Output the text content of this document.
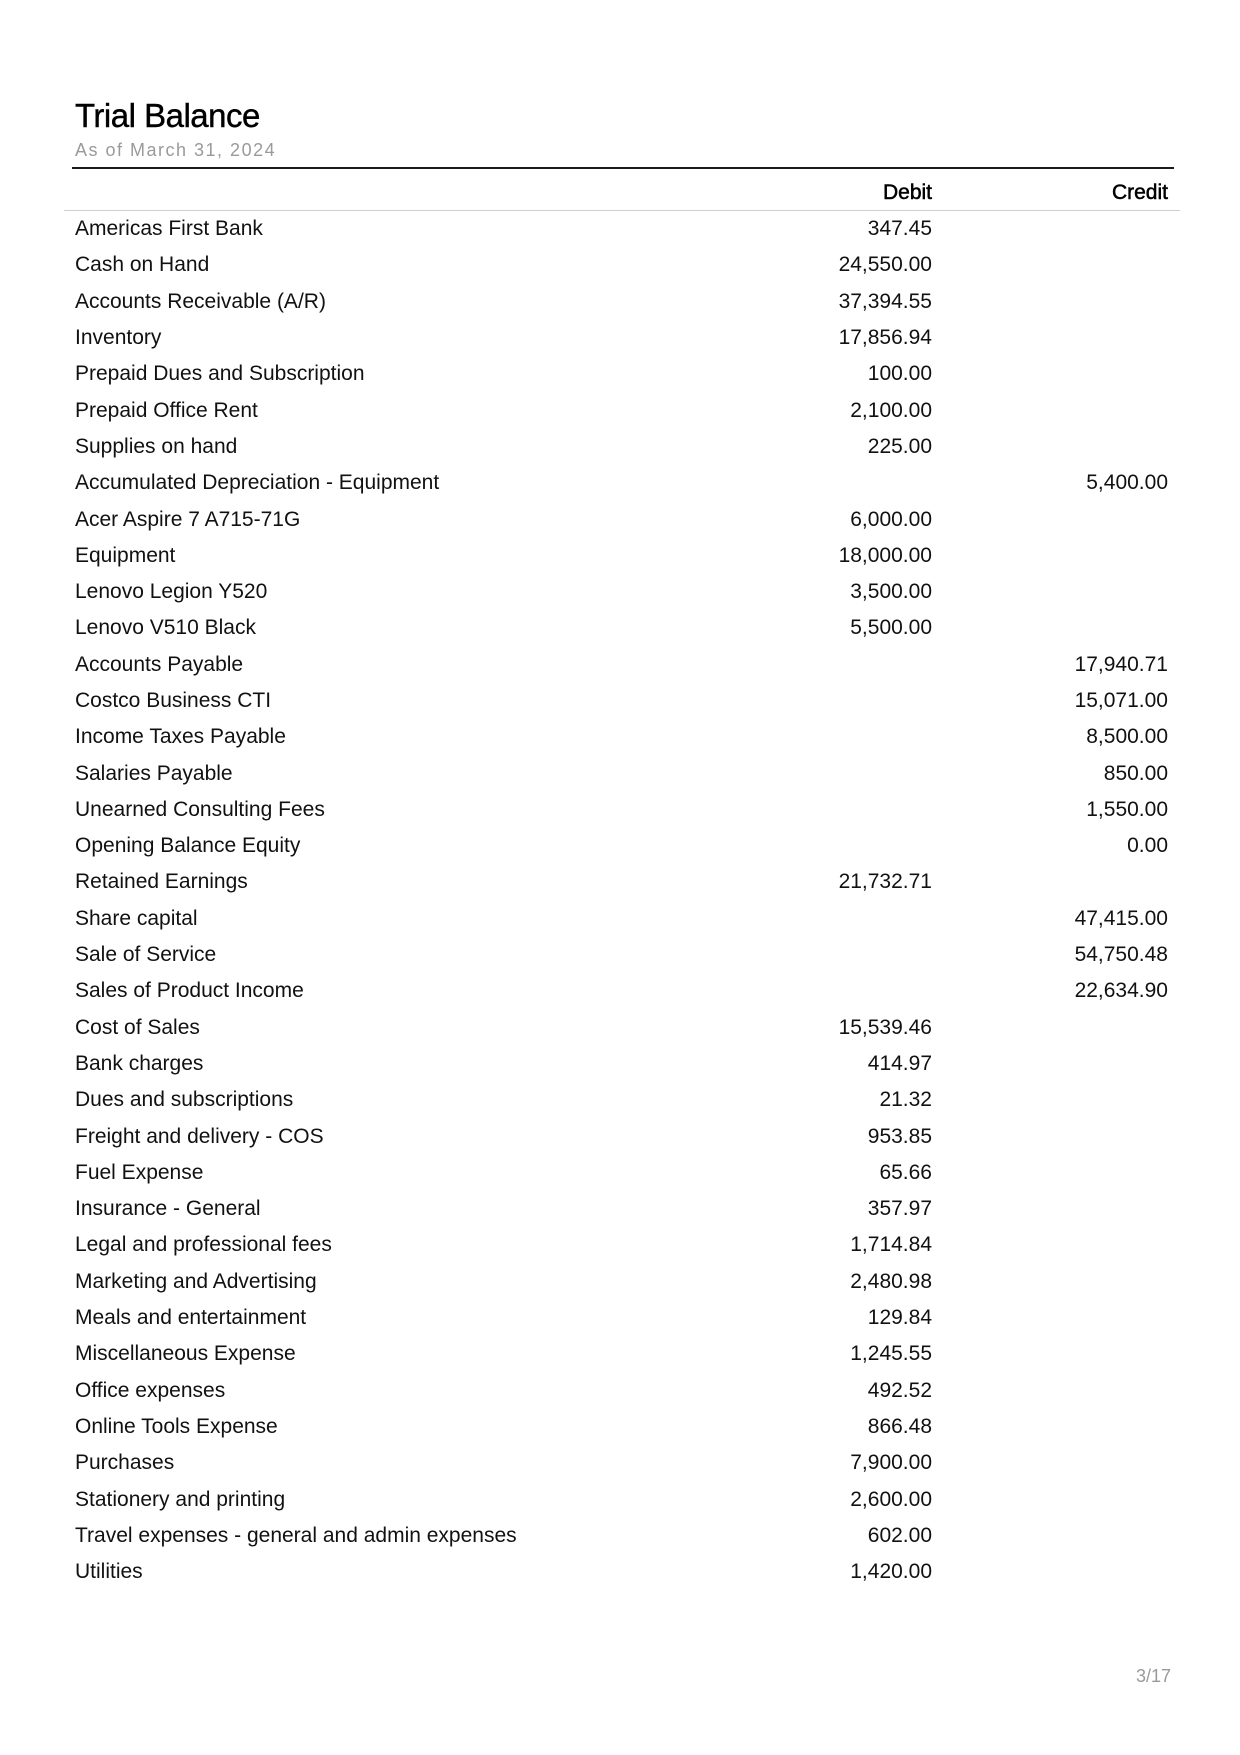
Trial Balance
As of March 31, 2024
	Debit	Credit
Americas First Bank	347.45	
Cash on Hand	24,550.00	
Accounts Receivable (A/R)	37,394.55	
Inventory	17,856.94	
Prepaid Dues and Subscription	100.00	
Prepaid Office Rent	2,100.00	
Supplies on hand	225.00	
Accumulated Depreciation - Equipment		5,400.00
Acer Aspire 7 A715-71G	6,000.00	
Equipment	18,000.00	
Lenovo Legion Y520	3,500.00	
Lenovo V510 Black	5,500.00	
Accounts Payable		17,940.71
Costco Business CTI		15,071.00
Income Taxes Payable		8,500.00
Salaries Payable		850.00
Unearned Consulting Fees		1,550.00
Opening Balance Equity		0.00
Retained Earnings	21,732.71	
Share capital		47,415.00
Sale of Service		54,750.48
Sales of Product Income		22,634.90
Cost of Sales	15,539.46	
Bank charges	414.97	
Dues and subscriptions	21.32	
Freight and delivery - COS	953.85	
Fuel Expense	65.66	
Insurance - General	357.97	
Legal and professional fees	1,714.84	
Marketing and Advertising	2,480.98	
Meals and entertainment	129.84	
Miscellaneous Expense	1,245.55	
Office expenses	492.52	
Online Tools Expense	866.48	
Purchases	7,900.00	
Stationery and printing	2,600.00	
Travel expenses - general and admin expenses	602.00	
Utilities	1,420.00	
3/17
